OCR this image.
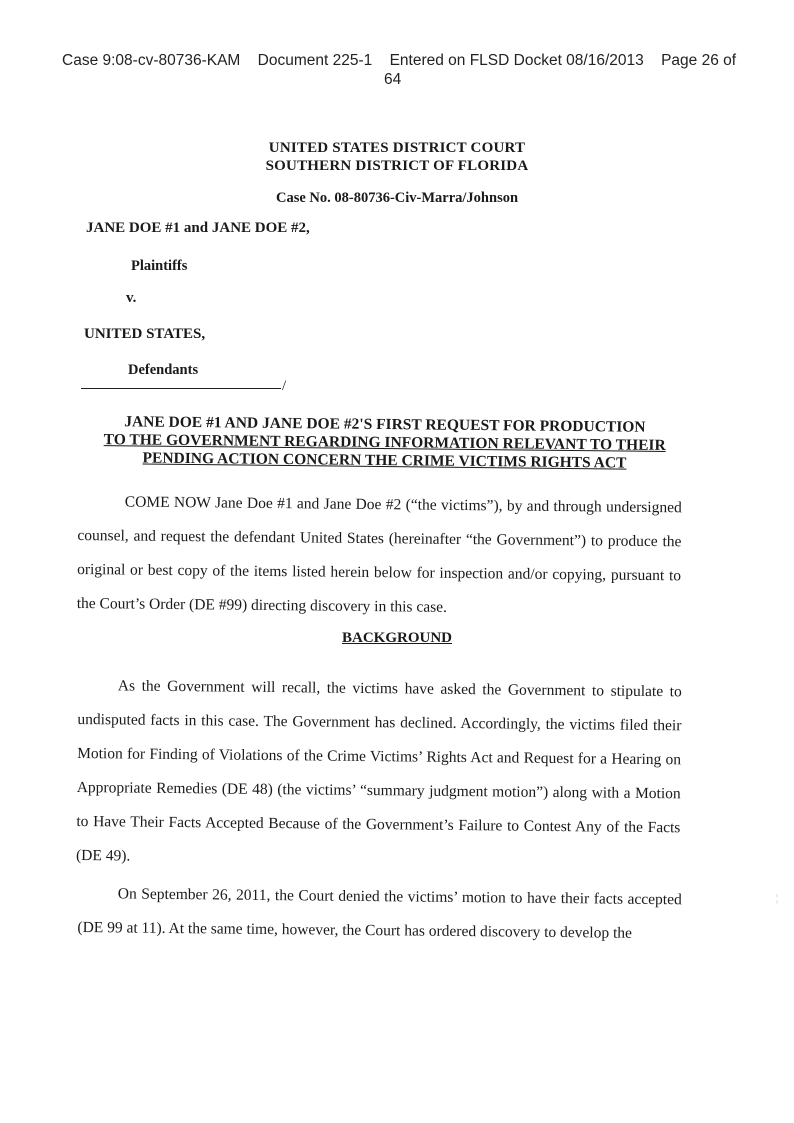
Case 9:08-cv-80736-KAM Document 225-1 Entered on FLSD Docket 08/16/2013 Page 26 of
64
UNITED STATES DISTRICT COURT
SOUTHERN DISTRICT OF FLORIDA
Case No. 08-80736-Civ-Marra/Johnson
JANE DOE #1 and JANE DOE #2,
Plaintiffs
v.
UNITED STATES,
Defendants
/
JANE DOE #1 AND JANE DOE #2'S FIRST REQUEST FOR PRODUCTION
TO THE GOVERNMENT REGARDING INFORMATION RELEVANT TO THEIR
PENDING ACTION CONCERN THE CRIME VICTIMS RIGHTS ACT
COME NOW Jane Doe #1 and Jane Doe #2 (“the victims”), by and through undersigned counsel, and request the defendant United States (hereinafter “the Government”) to produce the original or best copy of the items listed herein below for inspection and/or copying, pursuant to the Court’s Order (DE #99) directing discovery in this case.
BACKGROUND
As the Government will recall, the victims have asked the Government to stipulate to undisputed facts in this case. The Government has declined. Accordingly, the victims filed their Motion for Finding of Violations of the Crime Victims’ Rights Act and Request for a Hearing on Appropriate Remedies (DE 48) (the victims’ “summary judgment motion”) along with a Motion to Have Their Facts Accepted Because of the Government’s Failure to Contest Any of the Facts (DE 49).
On September 26, 2011, the Court denied the victims’ motion to have their facts accepted (DE 99 at 11). At the same time, however, the Court has ordered discovery to develop the
¦
